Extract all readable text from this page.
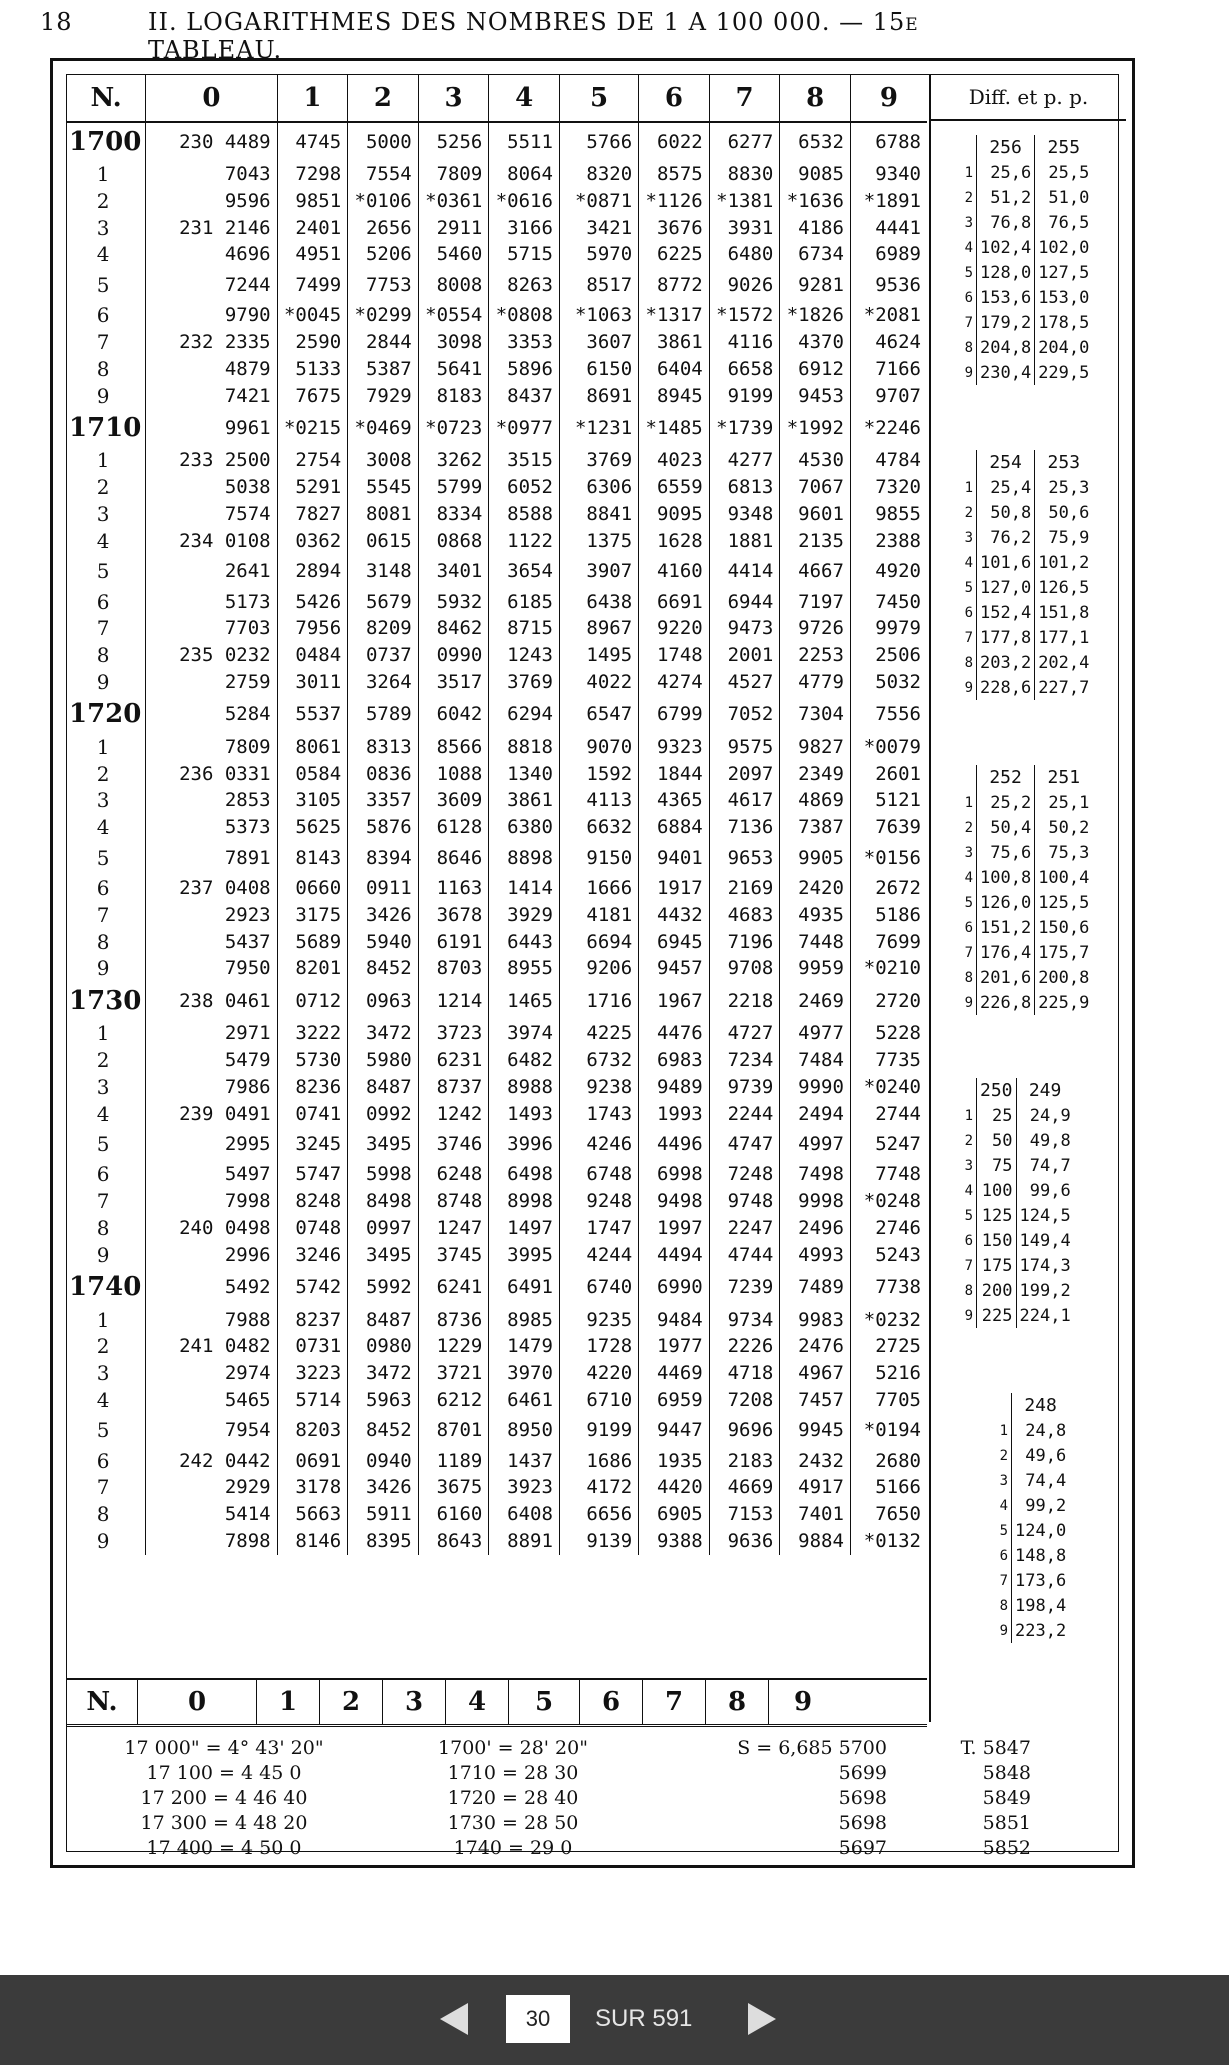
18	II. LOGARITHMES DES NOMBRES DE 1 A 100 000. — 15e TABLEAU.
N.	0	1	2	3	4	5	6	7	8	9
1700	230 4489	4745	5000	5256	5511	5766	6022	6277	6532	6788
1	7043	7298	7554	7809	8064	8320	8575	8830	9085	9340
2	9596	9851	*0106	*0361	*0616	*0871	*1126	*1381	*1636	*1891
3	231 2146	2401	2656	2911	3166	3421	3676	3931	4186	4441
4	4696	4951	5206	5460	5715	5970	6225	6480	6734	6989
5	7244	7499	7753	8008	8263	8517	8772	9026	9281	9536
6	9790	*0045	*0299	*0554	*0808	*1063	*1317	*1572	*1826	*2081
7	232 2335	2590	2844	3098	3353	3607	3861	4116	4370	4624
8	4879	5133	5387	5641	5896	6150	6404	6658	6912	7166
9	7421	7675	7929	8183	8437	8691	8945	9199	9453	9707
1710	9961	*0215	*0469	*0723	*0977	*1231	*1485	*1739	*1992	*2246
1	233 2500	2754	3008	3262	3515	3769	4023	4277	4530	4784
2	5038	5291	5545	5799	6052	6306	6559	6813	7067	7320
3	7574	7827	8081	8334	8588	8841	9095	9348	9601	9855
4	234 0108	0362	0615	0868	1122	1375	1628	1881	2135	2388
5	2641	2894	3148	3401	3654	3907	4160	4414	4667	4920
6	5173	5426	5679	5932	6185	6438	6691	6944	7197	7450
7	7703	7956	8209	8462	8715	8967	9220	9473	9726	9979
8	235 0232	0484	0737	0990	1243	1495	1748	2001	2253	2506
9	2759	3011	3264	3517	3769	4022	4274	4527	4779	5032
1720	5284	5537	5789	6042	6294	6547	6799	7052	7304	7556
1	7809	8061	8313	8566	8818	9070	9323	9575	9827	*0079
2	236 0331	0584	0836	1088	1340	1592	1844	2097	2349	2601
3	2853	3105	3357	3609	3861	4113	4365	4617	4869	5121
4	5373	5625	5876	6128	6380	6632	6884	7136	7387	7639
5	7891	8143	8394	8646	8898	9150	9401	9653	9905	*0156
6	237 0408	0660	0911	1163	1414	1666	1917	2169	2420	2672
7	2923	3175	3426	3678	3929	4181	4432	4683	4935	5186
8	5437	5689	5940	6191	6443	6694	6945	7196	7448	7699
9	7950	8201	8452	8703	8955	9206	9457	9708	9959	*0210
1730	238 0461	0712	0963	1214	1465	1716	1967	2218	2469	2720
1	2971	3222	3472	3723	3974	4225	4476	4727	4977	5228
2	5479	5730	5980	6231	6482	6732	6983	7234	7484	7735
3	7986	8236	8487	8737	8988	9238	9489	9739	9990	*0240
4	239 0491	0741	0992	1242	1493	1743	1993	2244	2494	2744
5	2995	3245	3495	3746	3996	4246	4496	4747	4997	5247
6	5497	5747	5998	6248	6498	6748	6998	7248	7498	7748
7	7998	8248	8498	8748	8998	9248	9498	9748	9998	*0248
8	240 0498	0748	0997	1247	1497	1747	1997	2247	2496	2746
9	2996	3246	3495	3745	3995	4244	4494	4744	4993	5243
1740	5492	5742	5992	6241	6491	6740	6990	7239	7489	7738
1	7988	8237	8487	8736	8985	9235	9484	9734	9983	*0232
2	241 0482	0731	0980	1229	1479	1728	1977	2226	2476	2725
3	2974	3223	3472	3721	3970	4220	4469	4718	4967	5216
4	5465	5714	5963	6212	6461	6710	6959	7208	7457	7705
5	7954	8203	8452	8701	8950	9199	9447	9696	9945	*0194
6	242 0442	0691	0940	1189	1437	1686	1935	2183	2432	2680
7	2929	3178	3426	3675	3923	4172	4420	4669	4917	5166
8	5414	5663	5911	6160	6408	6656	6905	7153	7401	7650
9	7898	8146	8395	8643	8891	9139	9388	9636	9884	*0132
N.	0	1	2	3	4	5	6	7	8	9
Diff. et p. p.
	256	255
1	25,6	25,5
2	51,2	51,0
3	76,8	76,5
4	102,4	102,0
5	128,0	127,5
6	153,6	153,0
7	179,2	178,5
8	204,8	204,0
9	230,4	229,5
	254	253
1	25,4	25,3
2	50,8	50,6
3	76,2	75,9
4	101,6	101,2
5	127,0	126,5
6	152,4	151,8
7	177,8	177,1
8	203,2	202,4
9	228,6	227,7
	252	251
1	25,2	25,1
2	50,4	50,2
3	75,6	75,3
4	100,8	100,4
5	126,0	125,5
6	151,2	150,6
7	176,4	175,7
8	201,6	200,8
9	226,8	225,9
	250	249
1	25	24,9
2	50	49,8
3	75	74,7
4	100	99,6
5	125	124,5
6	150	149,4
7	175	174,3
8	200	199,2
9	225	224,1
	248
1	24,8
2	49,6
3	74,4
4	99,2
5	124,0
6	148,8
7	173,6
8	198,4
9	223,2
17 000" = 4° 43' 20"	1700' = 28' 20"	S = 6,685 5700	T. 5847
17 100 = 4 45 0	1710 = 28 30	5699	5848
17 200 = 4 46 40	1720 = 28 40	5698	5849
17 300 = 4 48 20	1730 = 28 50	5698	5851
17 400 = 4 50 0	1740 = 29 0	5697	5852
30
SUR 591
